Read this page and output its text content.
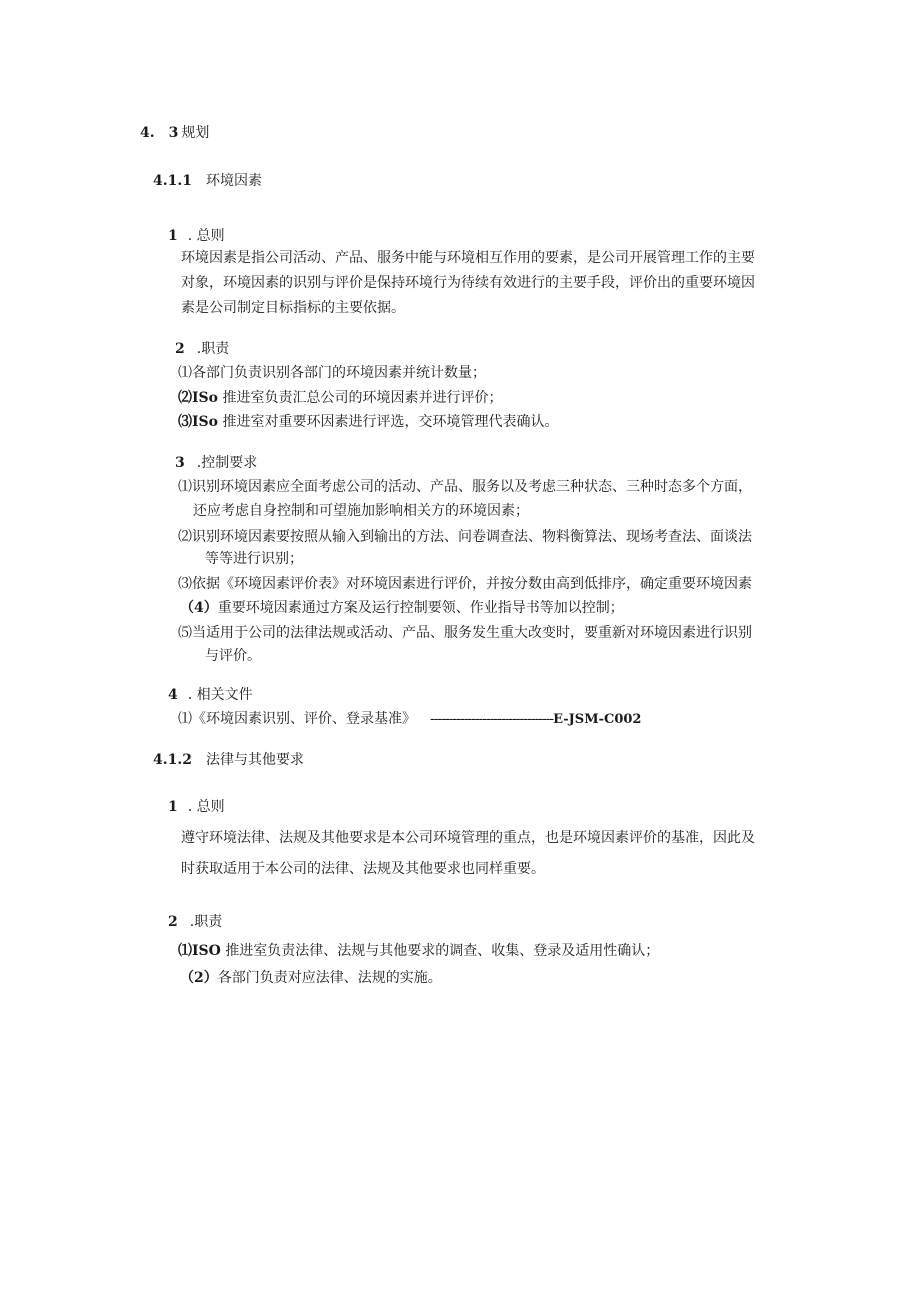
4. 3 规划
4.1.1 环境因素
1 . 总则
环境因素是指公司活动、产品、服务中能与环境相互作用的要素，是公司开展管理工作的主要
对象，环境因素的识别与评价是保持环境行为待续有效进行的主要手段，评价出的重要环境因
素是公司制定目标指标的主要依据。
2 .职责
⑴各部门负责识别各部门的环境因素并统计数量；
⑵ISo 推进室负责汇总公司的环境因素并进行评价；
⑶ISo 推进室对重要环因素进行评选，交环境管理代表确认。
3 .控制要求
⑴识别环境因素应全面考虑公司的活动、产品、服务以及考虑三种状态、三种时态多个方面，
还应考虑自身控制和可望施加影响相关方的环境因素；
⑵识别环境因素要按照从输入到输出的方法、问卷调查法、物料衡算法、现场考查法、面谈法
等等进行识别；
⑶依据《环境因素评价表》对环境因素进行评价，并按分数由高到低排序，确定重要环境因素
（4）重要环境因素通过方案及运行控制要领、作业指导书等加以控制；
⑸当适用于公司的法律法规或活动、产品、服务发生重大改变时，要重新对环境因素进行识别
与评价。
4 . 相关文件
⑴《环境因素识别、评价、登录基准》 ---------------------------------E-JSM-C002
4.1.2 法律与其他要求
1 . 总则
遵守环境法律、法规及其他要求是本公司环境管理的重点，也是环境因素评价的基准，因此及
时获取适用于本公司的法律、法规及其他要求也同样重要。
2 .职责
⑴ISO 推进室负责法律、法规与其他要求的调查、收集、登录及适用性确认；
（2）各部门负责对应法律、法规的实施。
